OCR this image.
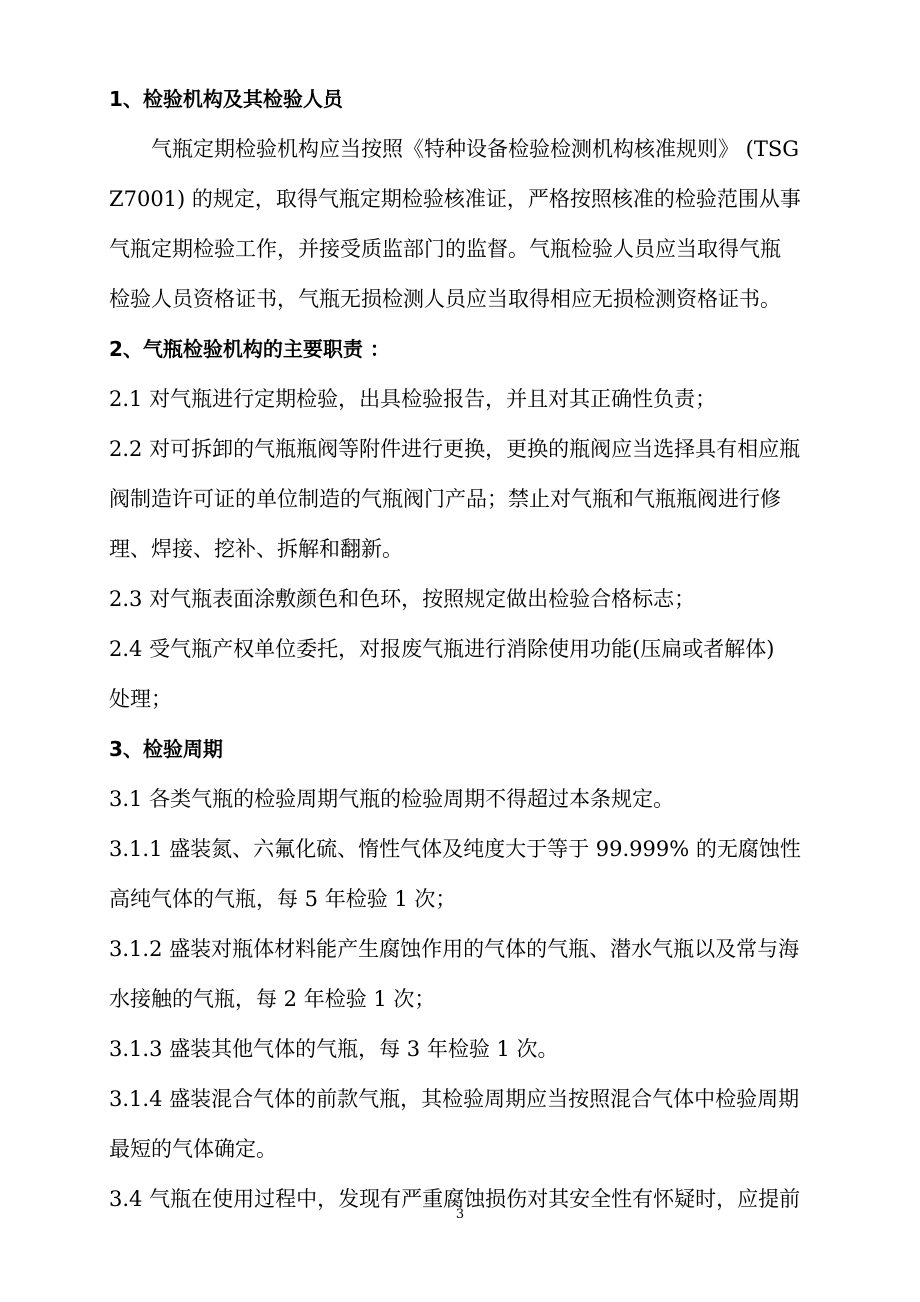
1、检验机构及其检验人员
气瓶定期检验机构应当按照《特种设备检验检测机构核准规则》 (TSG
Z7001) 的规定，取得气瓶定期检验核准证，严格按照核准的检验范围从事
气瓶定期检验工作，并接受质监部门的监督。气瓶检验人员应当取得气瓶
检验人员资格证书，气瓶无损检测人员应当取得相应无损检测资格证书。
2、气瓶检验机构的主要职责 ：
2.1 对气瓶进行定期检验，出具检验报告，并且对其正确性负责；
2.2 对可拆卸的气瓶瓶阀等附件进行更换，更换的瓶阀应当选择具有相应瓶
阀制造许可证的单位制造的气瓶阀门产品；禁止对气瓶和气瓶瓶阀进行修
理、焊接、挖补、拆解和翻新。
2.3 对气瓶表面涂敷颜色和色环，按照规定做出检验合格标志；
2.4 受气瓶产权单位委托，对报废气瓶进行消除使用功能(压扁或者解体)
处理；
3、检验周期
3.1 各类气瓶的检验周期气瓶的检验周期不得超过本条规定。
3.1.1 盛装氮、六氟化硫、惰性气体及纯度大于等于 99.999% 的无腐蚀性
高纯气体的气瓶，每 5 年检验 1 次；
3.1.2 盛装对瓶体材料能产生腐蚀作用的气体的气瓶、潜水气瓶以及常与海
水接触的气瓶，每 2 年检验 1 次；
3.1.3 盛装其他气体的气瓶，每 3 年检验 1 次。
3.1.4 盛装混合气体的前款气瓶，其检验周期应当按照混合气体中检验周期
最短的气体确定。
3.4 气瓶在使用过程中，发现有严重腐蚀损伤对其安全性有怀疑时，应提前
3
